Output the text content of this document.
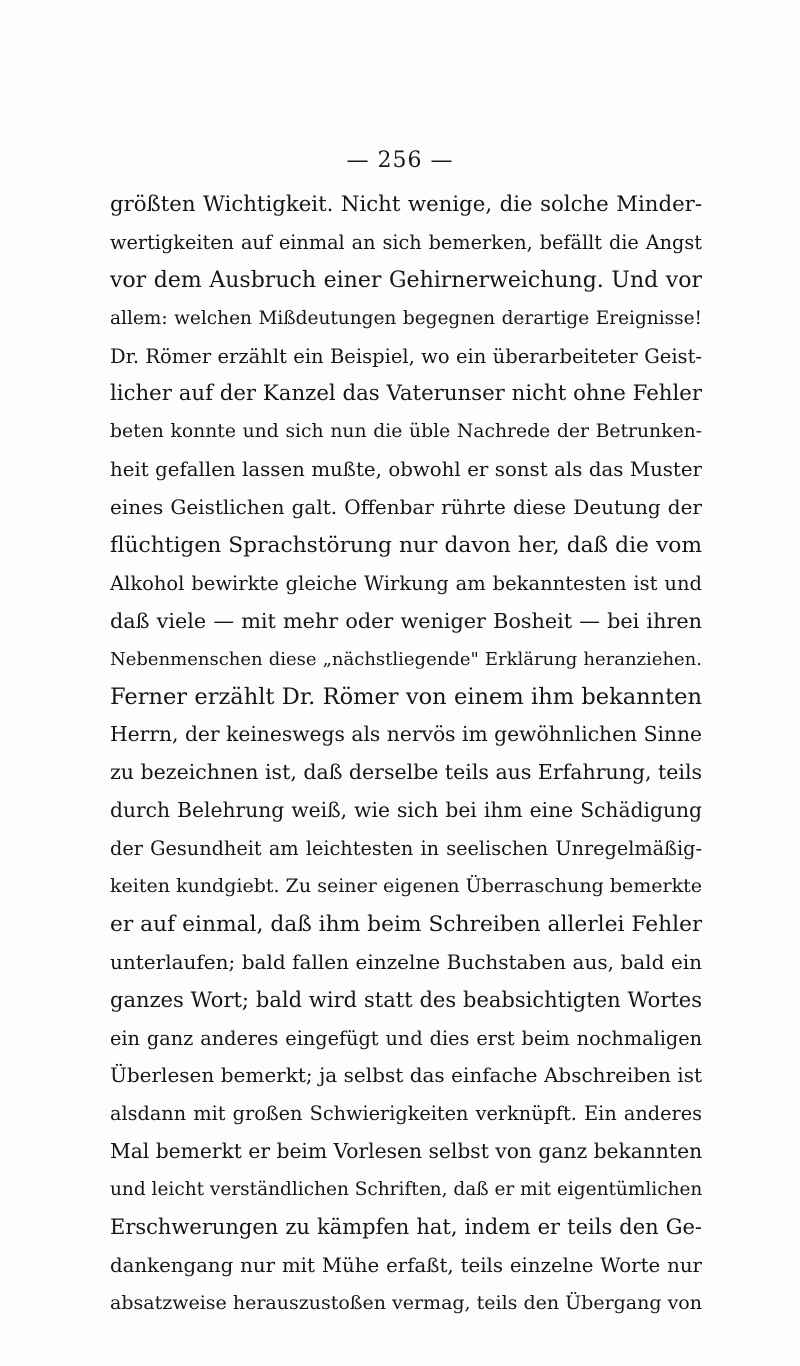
— 256 —
größten Wichtigkeit. Nicht wenige, die solche Minder-
wertigkeiten auf einmal an sich bemerken, befällt die Angst
vor dem Ausbruch einer Gehirnerweichung. Und vor
allem: welchen Mißdeutungen begegnen derartige Ereignisse!
Dr. Römer erzählt ein Beispiel, wo ein überarbeiteter Geist-
licher auf der Kanzel das Vaterunser nicht ohne Fehler
beten konnte und sich nun die üble Nachrede der Betrunken-
heit gefallen lassen mußte, obwohl er sonst als das Muster
eines Geistlichen galt. Offenbar rührte diese Deutung der
flüchtigen Sprachstörung nur davon her, daß die vom
Alkohol bewirkte gleiche Wirkung am bekanntesten ist und
daß viele — mit mehr oder weniger Bosheit — bei ihren
Nebenmenschen diese „nächstliegende" Erklärung heranziehen.
Ferner erzählt Dr. Römer von einem ihm bekannten
Herrn, der keineswegs als nervös im gewöhnlichen Sinne
zu bezeichnen ist, daß derselbe teils aus Erfahrung, teils
durch Belehrung weiß, wie sich bei ihm eine Schädigung
der Gesundheit am leichtesten in seelischen Unregelmäßig-
keiten kundgiebt. Zu seiner eigenen Überraschung bemerkte
er auf einmal, daß ihm beim Schreiben allerlei Fehler
unterlaufen; bald fallen einzelne Buchstaben aus, bald ein
ganzes Wort; bald wird statt des beabsichtigten Wortes
ein ganz anderes eingefügt und dies erst beim nochmaligen
Überlesen bemerkt; ja selbst das einfache Abschreiben ist
alsdann mit großen Schwierigkeiten verknüpft. Ein anderes
Mal bemerkt er beim Vorlesen selbst von ganz bekannten
und leicht verständlichen Schriften, daß er mit eigentümlichen
Erschwerungen zu kämpfen hat, indem er teils den Ge-
dankengang nur mit Mühe erfaßt, teils einzelne Worte nur
absatzweise herauszustoßen vermag, teils den Übergang von
